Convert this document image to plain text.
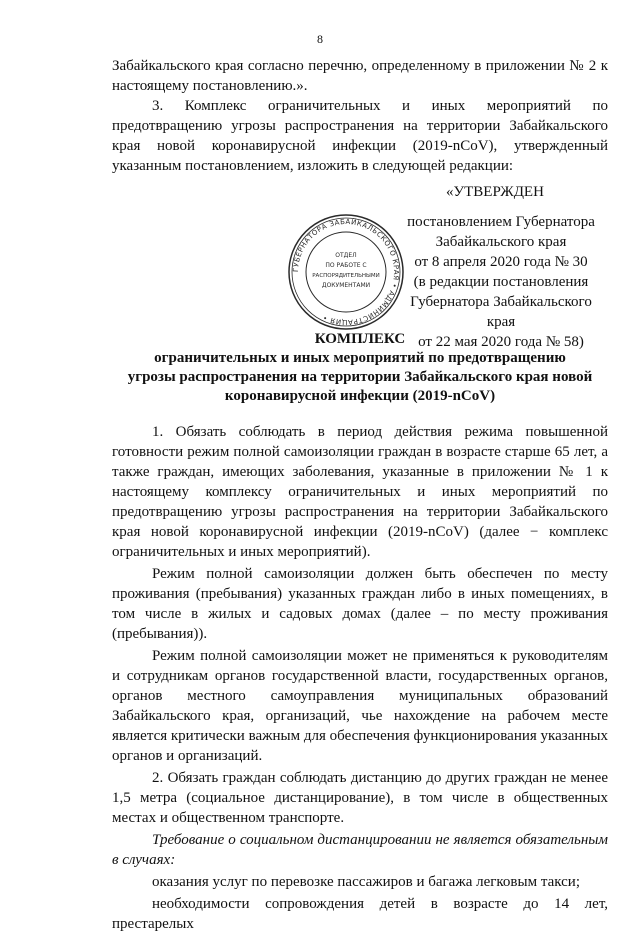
8

Забайкальского края согласно перечню, определенному в приложении № 2 к настоящему постановлению.».

3. Комплекс ограничительных и иных мероприятий по предотвращению угрозы распространения на территории Забайкальского края новой коронавирусной инфекции (2019-nCoV), утвержденный указанным постановлением, изложить в следующей редакции:

«УТВЕРЖДЕН
постановлением Губернатора
Забайкальского края
от 8 апреля 2020 года № 30
(в редакции постановления
Губернатора Забайкальского края
от 22 мая 2020 года № 58)
ГУБЕРНАТОРА ЗАБАЙКАЛЬСКОГО КРАЯ • АДМИНИСТРАЦИЯ •
ОТДЕЛ
ПО РАБОТЕ С
РАСПОРЯДИТЕЛЬНЫМИ
ДОКУМЕНТАМИ
КОМПЛЕКС
ограничительных и иных мероприятий по предотвращению
угрозы распространения на территории Забайкальского края новой
коронавирусной инфекции (2019-nCoV)

1. Обязать соблюдать в период действия режима повышенной готовности режим полной самоизоляции граждан в возрасте старше 65 лет, а также граждан, имеющих заболевания, указанные в приложении № 1 к настоящему комплексу ограничительных и иных мероприятий по предотвращению угрозы распространения на территории Забайкальского края новой коронавирусной инфекции (2019-nCoV) (далее − комплекс ограничительных и иных мероприятий).

Режим полной самоизоляции должен быть обеспечен по месту проживания (пребывания) указанных граждан либо в иных помещениях, в том числе в жилых и садовых домах (далее – по месту проживания (пребывания)).

Режим полной самоизоляции может не применяться к руководителям и сотрудникам органов государственной власти, государственных органов, органов местного самоуправления муниципальных образований Забайкальского края, организаций, чье нахождение на рабочем месте является критически важным для обеспечения функционирования указанных органов и организаций.

2. Обязать граждан соблюдать дистанцию до других граждан не менее 1,5 метра (социальное дистанцирование), в том числе в общественных местах и общественном транспорте.

Требование о социальном дистанцировании не является обязательным в случаях:

оказания услуг по перевозке пассажиров и багажа легковым такси;

необходимости сопровождения детей в возрасте до 14 лет, престарелых
